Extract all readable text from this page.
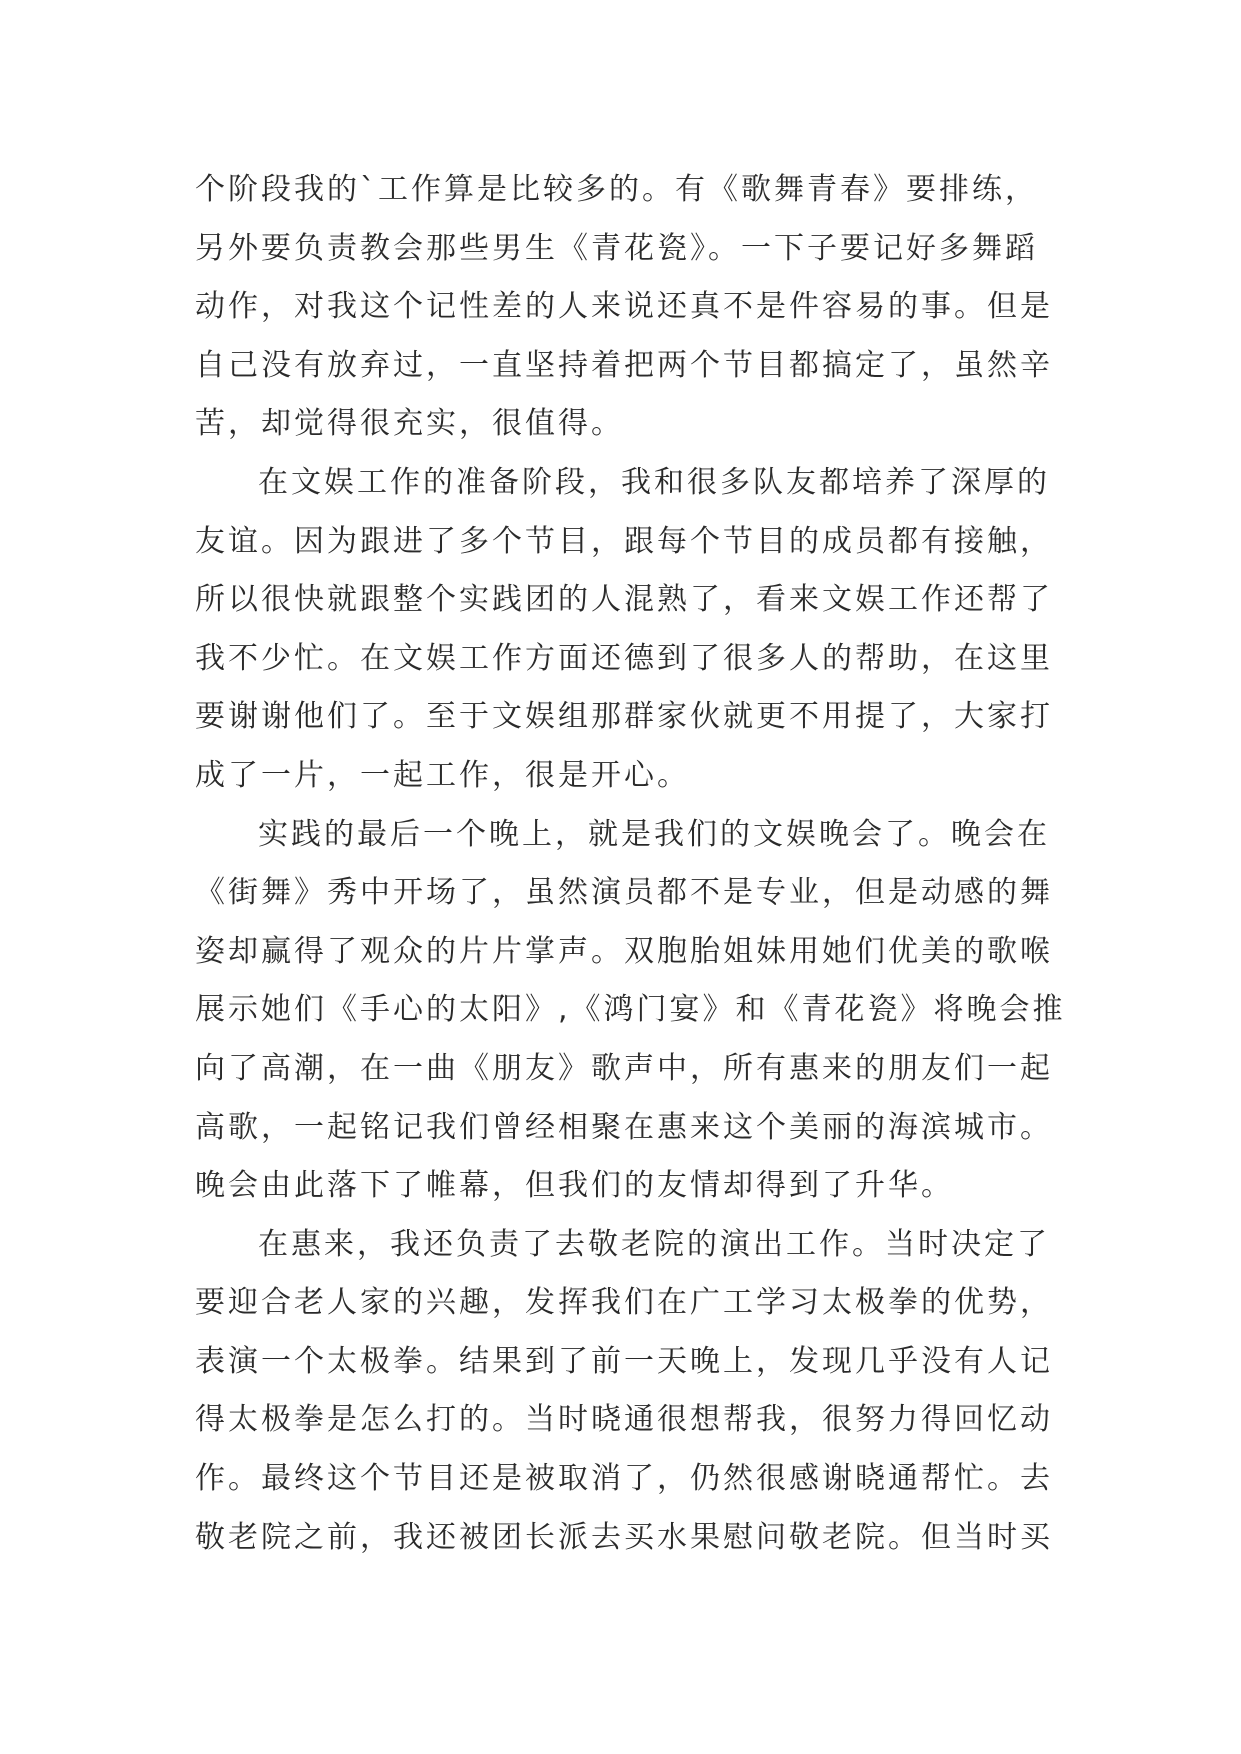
个阶段我的`工作算是比较多的。有《歌舞青春》要排练，
另外要负责教会那些男生《青花瓷》。一下子要记好多舞蹈
动作，对我这个记性差的人来说还真不是件容易的事。但是
自己没有放弃过，一直坚持着把两个节目都搞定了，虽然辛
苦，却觉得很充实，很值得。
在文娱工作的准备阶段，我和很多队友都培养了深厚的
友谊。因为跟进了多个节目，跟每个节目的成员都有接触，
所以很快就跟整个实践团的人混熟了，看来文娱工作还帮了
我不少忙。在文娱工作方面还德到了很多人的帮助，在这里
要谢谢他们了。至于文娱组那群家伙就更不用提了，大家打
成了一片，一起工作，很是开心。
实践的最后一个晚上，就是我们的文娱晚会了。晚会在
《街舞》秀中开场了，虽然演员都不是专业，但是动感的舞
姿却赢得了观众的片片掌声。双胞胎姐妹用她们优美的歌喉
展示她们《手心的太阳》,《鸿门宴》和《青花瓷》将晚会推
向了高潮，在一曲《朋友》歌声中，所有惠来的朋友们一起
高歌，一起铭记我们曾经相聚在惠来这个美丽的海滨城市。
晚会由此落下了帷幕，但我们的友情却得到了升华。
在惠来，我还负责了去敬老院的演出工作。当时决定了
要迎合老人家的兴趣，发挥我们在广工学习太极拳的优势，
表演一个太极拳。结果到了前一天晚上，发现几乎没有人记
得太极拳是怎么打的。当时晓通很想帮我，很努力得回忆动
作。最终这个节目还是被取消了，仍然很感谢晓通帮忙。去
敬老院之前，我还被团长派去买水果慰问敬老院。但当时买
